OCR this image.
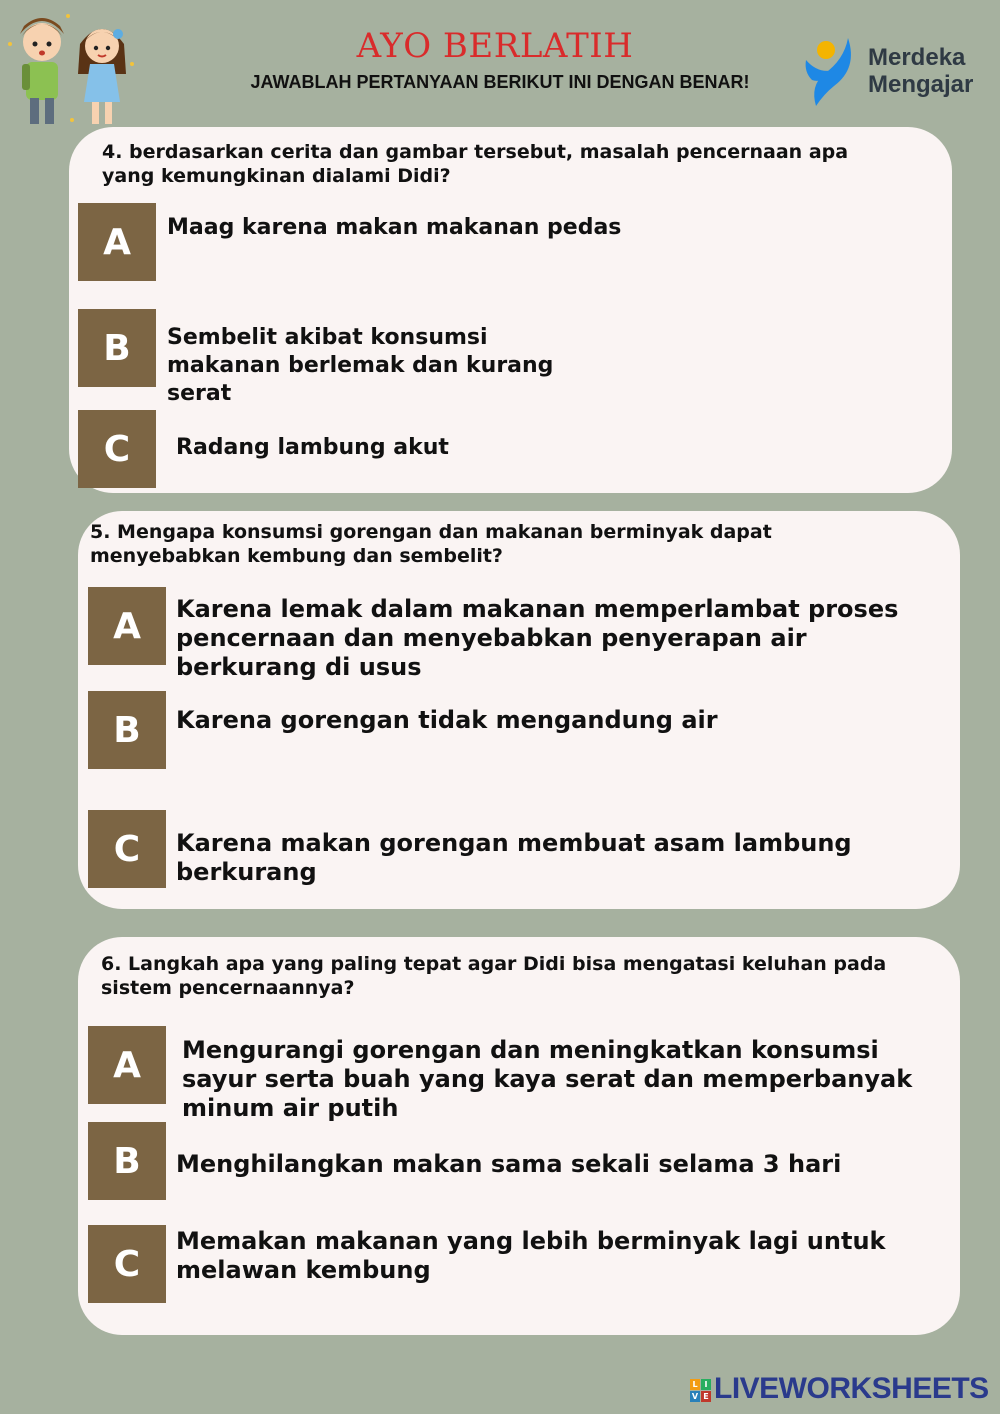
AYO BERLATIH
JAWABLAH PERTANYAAN BERIKUT INI DENGAN BENAR!
Merdeka
Mengajar
4. berdasarkan cerita dan gambar tersebut, masalah pencernaan apa yang kemungkinan dialami Didi?
A	Maag karena makan makanan pedas
B	Sembelit akibat konsumsi makanan berlemak dan kurang serat
C	Radang lambung akut
5. Mengapa konsumsi gorengan dan makanan berminyak dapat menyebabkan kembung dan sembelit?
A	Karena lemak dalam makanan memperlambat proses pencernaan dan menyebabkan penyerapan air berkurang di usus
B	Karena gorengan tidak mengandung air
C	Karena makan gorengan membuat asam lambung berkurang
6. Langkah apa yang paling tepat agar Didi bisa mengatasi keluhan pada sistem pencernaannya?
A	Mengurangi gorengan dan meningkatkan konsumsi sayur serta buah yang kaya serat dan memperbanyak minum air putih
B	Menghilangkan makan sama sekali selama 3 hari
C
Memakan makanan yang lebih berminyak lagi untuk melawan kembung
L I
V E LIVEWORKSHEETS
